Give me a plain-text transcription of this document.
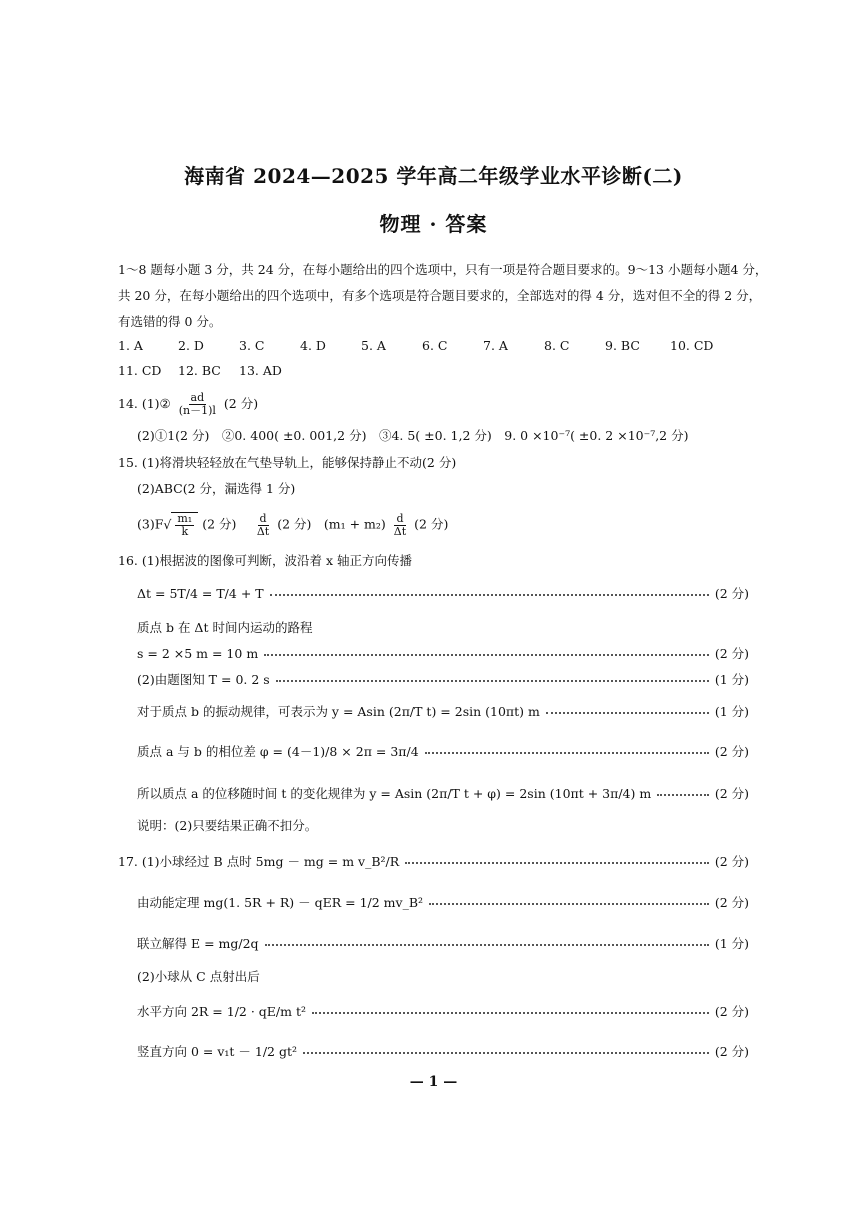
海南省 2024—2025 学年高二年级学业水平诊断(二)
物理 · 答案
1～8 题每小题 3 分，共 24 分，在每小题给出的四个选项中，只有一项是符合题目要求的。9～13 小题每小题4 分，
共 20 分，在每小题给出的四个选项中，有多个选项是符合题目要求的，全部选对的得 4 分，选对但不全的得 2 分，
有选错的得 0 分。
1. A	2. D	3. C	4. D	5. A	6. C	7. A	8. C	9. BC 10. CD
11. CD 12. BC 13. AD
14. (1)② $\frac{ad}{(n-1)l} (2$ 分)
(2)①1(2 分)　②0. 400( ±0. 001,2 分)　③4. 5( ±0. 1,2 分)　9. 0 ×10⁻⁷( ±0. 2 ×10⁻⁷,2 分)
15. (1)将滑块轻轻放在气垫导轨上，能够保持静止不动(2 分)
(2)ABC(2 分，漏选得 1 分)
$(3)F√ \frac{\text{m₁}}{k} (2$ 分)　 $\frac{d}{\Delta t} (2$ 分)　$(m_1 + m_2) \frac{d}{\Delta t} (2$ 分)
16. (1)根据波的图像可判断，波沿着 x 轴正方向传播
Δt = 5T/4 = T/4 + T	(2 分)
质点 b 在 Δt 时间内运动的路程
s = 2 ×5 m = 10 m	(2 分)
(2)由题图知 T = 0. 2 s	(1 分)
对于质点 b 的振动规律，可表示为 y = Asin (2π/T t) = 2sin (10πt) m	(1 分)
质点 a 与 b 的相位差 φ = (4－1)/8 × 2π = 3π/4	(2 分)
所以质点 a 的位移随时间 t 的变化规律为 y = Asin (2π/T t + φ) = 2sin (10πt + 3π/4) m	(2 分)
说明：(2)只要结果正确不扣分。
17. (1)小球经过 B 点时 5mg － mg = m v_B²/R	(2 分)
由动能定理 mg(1. 5R + R) － qER = 1/2 mv_B²	(2 分)
联立解得 E = mg/2q	(1 分)
(2)小球从 C 点射出后
水平方向 2R = 1/2 · qE/m t²	(2 分)
竖直方向 0 = v₁t － 1/2 gt²	(2 分)
— 1 —
